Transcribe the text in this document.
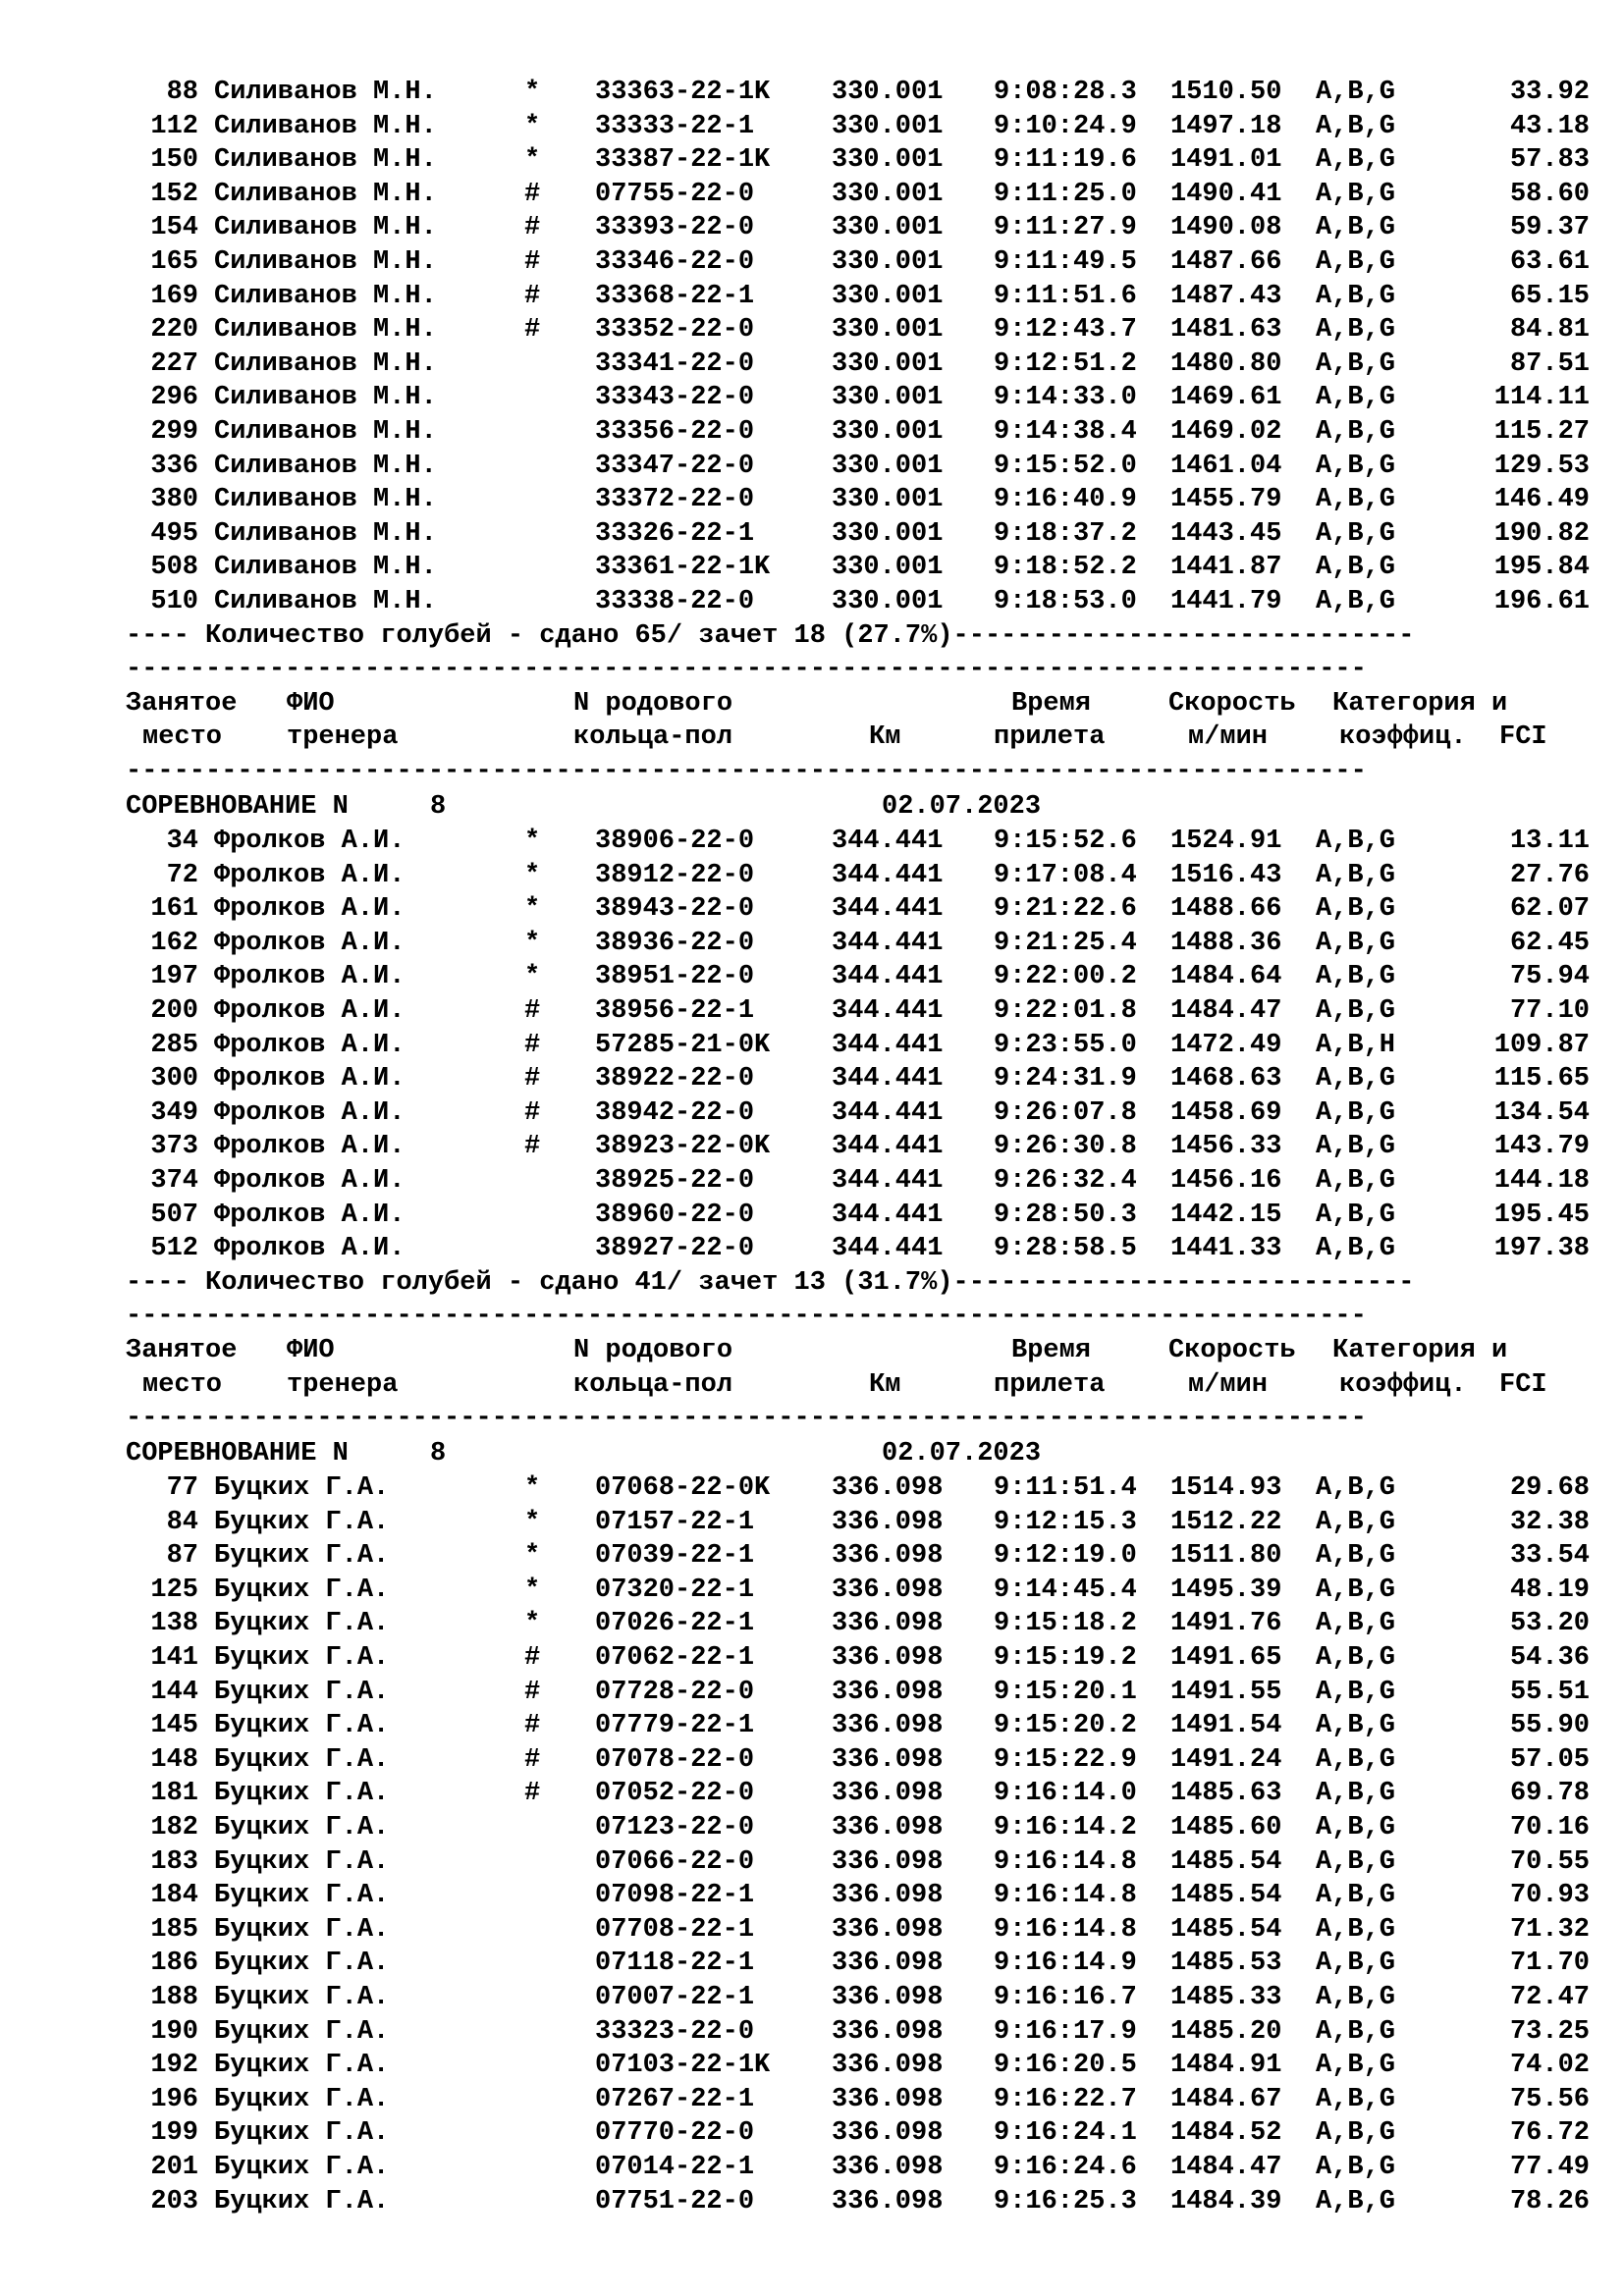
88 Силиванов М.Н.	* 33363-22-1K 330.001 9:08:28.3 1510.50 A,B,G	33.92
112 Силиванов М.Н.	* 33333-22-1	330.001 9:10:24.9 1497.18 A,B,G	43.18
150 Силиванов М.Н.	* 33387-22-1K 330.001 9:11:19.6 1491.01 A,B,G	57.83
152 Силиванов М.Н.	# 07755-22-0	330.001 9:11:25.0 1490.41 A,B,G	58.60
154 Силиванов М.Н.	# 33393-22-0	330.001 9:11:27.9 1490.08 A,B,G	59.37
165 Силиванов М.Н.	# 33346-22-0	330.001 9:11:49.5 1487.66 A,B,G	63.61
169 Силиванов М.Н.	# 33368-22-1	330.001 9:11:51.6 1487.43 A,B,G	65.15
220 Силиванов М.Н.	# 33352-22-0	330.001 9:12:43.7 1481.63 A,B,G	84.81
227 Силиванов М.Н.	33341-22-0	330.001 9:12:51.2 1480.80 A,B,G	87.51
296 Силиванов М.Н.	33343-22-0	330.001 9:14:33.0 1469.61 A,B,G	114.11
299 Силиванов М.Н.	33356-22-0	330.001 9:14:38.4 1469.02 A,B,G	115.27
336 Силиванов М.Н.	33347-22-0	330.001 9:15:52.0 1461.04 A,B,G	129.53
380 Силиванов М.Н.	33372-22-0	330.001 9:16:40.9 1455.79 A,B,G	146.49
495 Силиванов М.Н.	33326-22-1	330.001 9:18:37.2 1443.45 A,B,G	190.82
508 Силиванов М.Н.	33361-22-1K 330.001 9:18:52.2 1441.87 A,B,G	195.84
510 Силиванов М.Н.	33338-22-0	330.001 9:18:53.0 1441.79 A,B,G	196.61
---- Количество голубей - сдано 65/ зачет 18 (27.7%)-----------------------------
------------------------------------------------------------------------------
Занятое ФИО	N родового	Время	Скорость Категория и
место тренера	кольца-пол	Км	прилета	м/мин	коэффиц. FCI
------------------------------------------------------------------------------
СОРЕВНОВАНИЕ N	8	02.07.2023
34 Фролков А.И.	* 38906-22-0	344.441 9:15:52.6 1524.91 A,B,G	13.11
72 Фролков А.И.	* 38912-22-0	344.441 9:17:08.4 1516.43 A,B,G	27.76
161 Фролков А.И.	* 38943-22-0	344.441 9:21:22.6 1488.66 A,B,G	62.07
162 Фролков А.И.	* 38936-22-0	344.441 9:21:25.4 1488.36 A,B,G	62.45
197 Фролков А.И.	* 38951-22-0	344.441 9:22:00.2 1484.64 A,B,G	75.94
200 Фролков А.И.	# 38956-22-1	344.441 9:22:01.8 1484.47 A,B,G	77.10
285 Фролков А.И.	# 57285-21-0K 344.441 9:23:55.0 1472.49 A,B,H	109.87
300 Фролков А.И.	# 38922-22-0	344.441 9:24:31.9 1468.63 A,B,G	115.65
349 Фролков А.И.	# 38942-22-0	344.441 9:26:07.8 1458.69 A,B,G	134.54
373 Фролков А.И.	# 38923-22-0K 344.441 9:26:30.8 1456.33 A,B,G	143.79
374 Фролков А.И.	38925-22-0	344.441 9:26:32.4 1456.16 A,B,G	144.18
507 Фролков А.И.	38960-22-0	344.441 9:28:50.3 1442.15 A,B,G	195.45
512 Фролков А.И.	38927-22-0	344.441 9:28:58.5 1441.33 A,B,G	197.38
---- Количество голубей - сдано 41/ зачет 13 (31.7%)-----------------------------
------------------------------------------------------------------------------
Занятое ФИО	N родового	Время	Скорость Категория и
место тренера	кольца-пол	Км	прилета	м/мин	коэффиц. FCI
------------------------------------------------------------------------------
СОРЕВНОВАНИЕ N	8	02.07.2023
77 Буцких Г.А.	* 07068-22-0K 336.098 9:11:51.4 1514.93 A,B,G	29.68
84 Буцких Г.А.	* 07157-22-1	336.098 9:12:15.3 1512.22 A,B,G	32.38
87 Буцких Г.А.	* 07039-22-1	336.098 9:12:19.0 1511.80 A,B,G	33.54
125 Буцких Г.А.	* 07320-22-1	336.098 9:14:45.4 1495.39 A,B,G	48.19
138 Буцких Г.А.	* 07026-22-1	336.098 9:15:18.2 1491.76 A,B,G	53.20
141 Буцких Г.А.	# 07062-22-1	336.098 9:15:19.2 1491.65 A,B,G	54.36
144 Буцких Г.А.	# 07728-22-0	336.098 9:15:20.1 1491.55 A,B,G	55.51
145 Буцких Г.А.	# 07779-22-1	336.098 9:15:20.2 1491.54 A,B,G	55.90
148 Буцких Г.А.	# 07078-22-0	336.098 9:15:22.9 1491.24 A,B,G	57.05
181 Буцких Г.А.	# 07052-22-0	336.098 9:16:14.0 1485.63 A,B,G	69.78
182 Буцких Г.А.	07123-22-0	336.098 9:16:14.2 1485.60 A,B,G	70.16
183 Буцких Г.А.	07066-22-0	336.098 9:16:14.8 1485.54 A,B,G	70.55
184 Буцких Г.А.	07098-22-1	336.098 9:16:14.8 1485.54 A,B,G	70.93
185 Буцких Г.А.	07708-22-1	336.098 9:16:14.8 1485.54 A,B,G	71.32
186 Буцких Г.А.	07118-22-1	336.098 9:16:14.9 1485.53 A,B,G	71.70
188 Буцких Г.А.	07007-22-1	336.098 9:16:16.7 1485.33 A,B,G	72.47
190 Буцких Г.А.	33323-22-0	336.098 9:16:17.9 1485.20 A,B,G	73.25
192 Буцких Г.А.	07103-22-1K 336.098 9:16:20.5 1484.91 A,B,G	74.02
196 Буцких Г.А.	07267-22-1	336.098 9:16:22.7 1484.67 A,B,G	75.56
199 Буцких Г.А.	07770-22-0	336.098 9:16:24.1 1484.52 A,B,G	76.72
201 Буцких Г.А.	07014-22-1	336.098 9:16:24.6 1484.47 A,B,G	77.49
203 Буцких Г.А.	07751-22-0	336.098 9:16:25.3 1484.39 A,B,G	78.26
